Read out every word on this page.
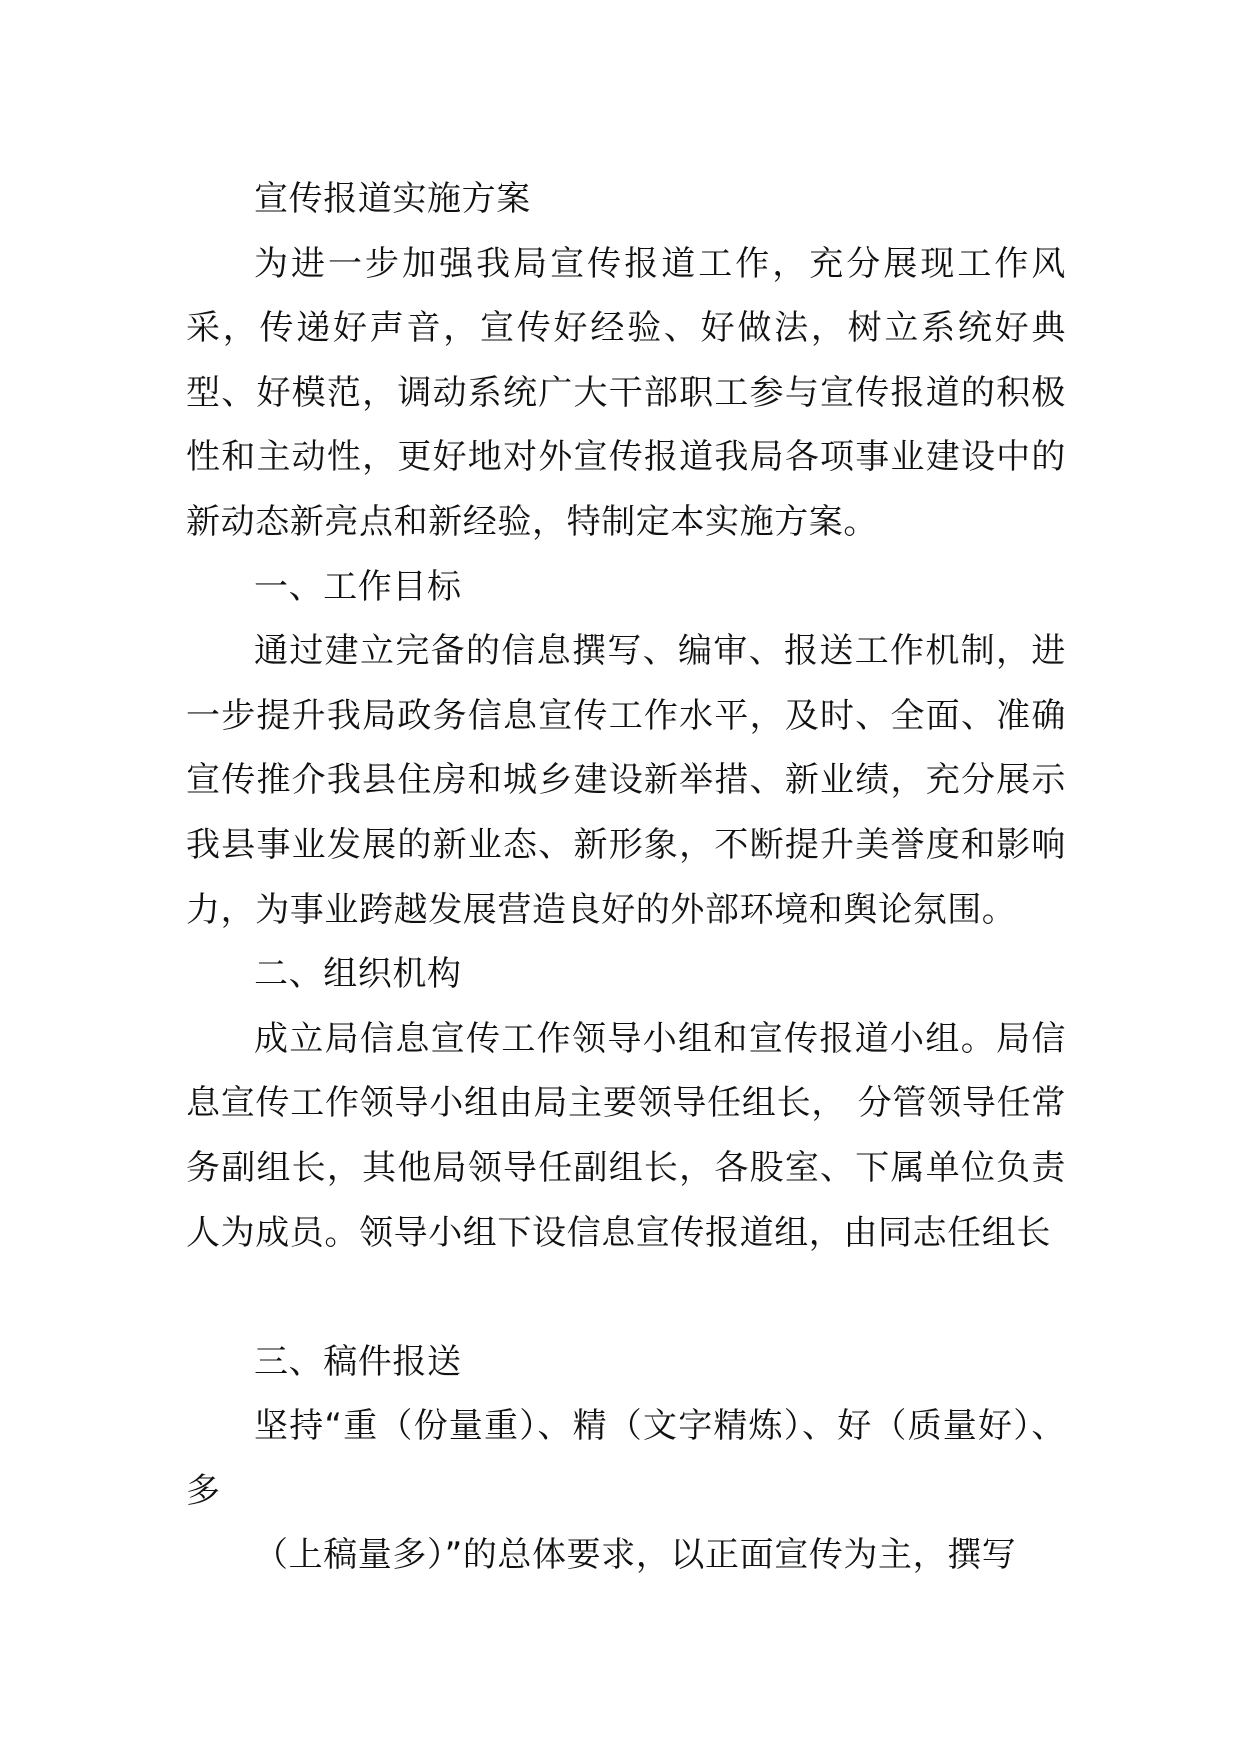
宣传报道实施方案

为进一步加强我局宣传报道工作，充分展现工作风采，传递好声音，宣传好经验、好做法，树立系统好典型、好模范，调动系统广大干部职工参与宣传报道的积极性和主动性，更好地对外宣传报道我局各项事业建设中的新动态新亮点和新经验，特制定本实施方案。

一、工作目标

通过建立完备的信息撰写、编审、报送工作机制，进一步提升我局政务信息宣传工作水平，及时、全面、准确宣传推介我县住房和城乡建设新举措、新业绩，充分展示我县事业发展的新业态、新形象，不断提升美誉度和影响力，为事业跨越发展营造良好的外部环境和舆论氛围。

二、组织机构

成立局信息宣传工作领导小组和宣传报道小组。局信息宣传工作领导小组由局主要领导任组长， 分管领导任常务副组长，其他局领导任副组长，各股室、下属单位负责人为成员。领导小组下设信息宣传报道组，由同志任组长

三、稿件报送

坚持“重（份量重）、精（文字精炼）、好（质量好）、多

（上稿量多）”的总体要求，以正面宣传为主，撰写
